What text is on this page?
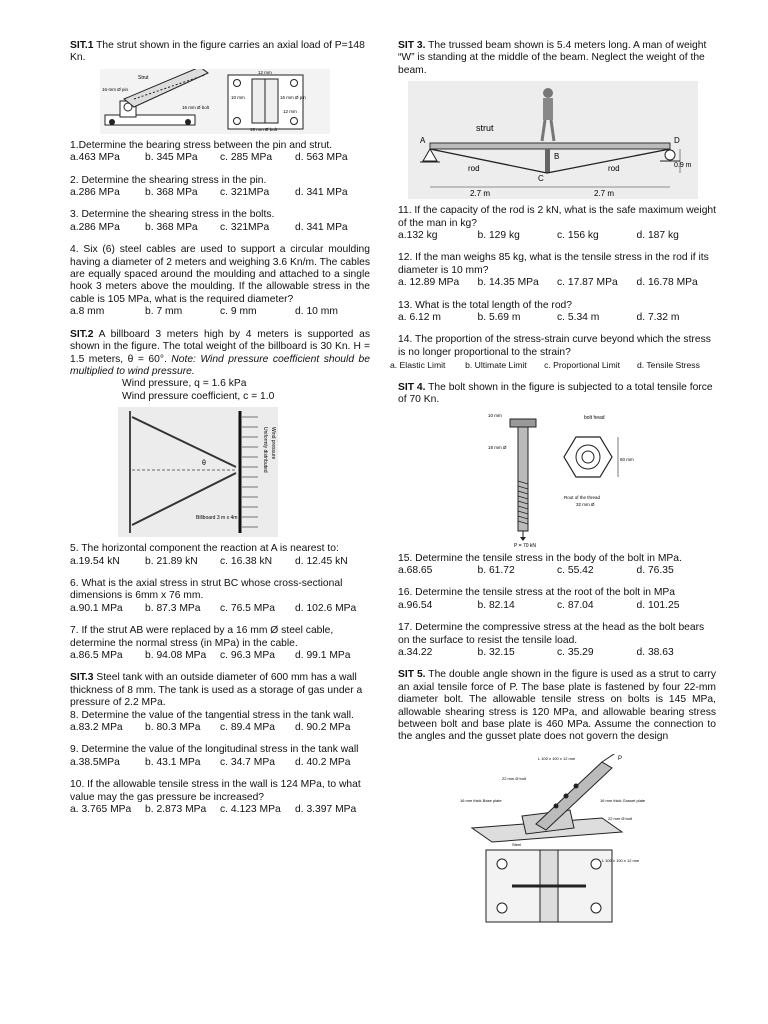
SIT.1 The strut shown in the figure carries an axial load of P=148 Kn.

Strut
16-mm Ø pin
12 mm
10 mm	16 mm Ø pin
12 mm
16 mm Ø bolt
16 mm Ø bolt

1.Determine the bearing stress between the pin and strut.

a.463 MPa	b. 345 MPa	c. 285 MPa	d. 563 MPa

2. Determine the shearing stress in the pin.

a.286 MPa	b. 368 MPa	c. 321MPa	d. 341 MPa

3. Determine the shearing stress in the bolts.

a.286 MPa	b. 368 MPa	c. 321MPa	d. 341 MPa

4. Six (6) steel cables are used to support a circular moulding having a diameter of 2 meters and weighing 3.6 Kn/m. The cables are equally spaced around the moulding and attached to a single hook 3 meters above the moulding. If the allowable stress in the cable is 105 MPa, what is the required diameter?

a.8 mm	b. 7 mm	c. 9 mm	d. 10 mm

SIT.2 A billboard 3 meters high by 4 meters is supported as shown in the figure. The total weight of the billboard is 30 Kn. H = 1.5 meters, θ = 60°. Note: Wind pressure coefficient should be multiplied to wind pressure.

Wind pressure, q = 1.6 kPa

Wind pressure coefficient, c = 1.0

θ
Billboard 3 m x 4m
Uniformly distributed Wind pressure

5. The horizontal component the reaction at A is nearest to:

a.19.54 kN	b. 21.89 kN	c. 16.38 kN	d. 12.45 kN

6. What is the axial stress in strut BC whose cross-sectional dimensions is 6mm x 76 mm.

a.90.1 MPa	b. 87.3 MPa	c. 76.5 MPa	d. 102.6 MPa

7. If the strut AB were replaced by a 16 mm Ø steel cable, determine the normal stress (in MPa) in the cable.

a.86.5 MPa	b. 94.08 MPa	c. 96.3 MPa	d. 99.1 MPa

SIT.3 Steel tank with an outside diameter of 600 mm has a wall thickness of 8 mm. The tank is used as a storage of gas under a pressure of 2.2 MPa.

8. Determine the value of the tangential stress in the tank wall.

a.83.2 MPa	b. 80.3 MPa	c. 89.4 MPa	d. 90.2 MPa

9. Determine the value of the longitudinal stress in the tank wall

a.38.5MPa	b. 43.1 MPa	c. 34.7 MPa	d. 40.2 MPa

10. If the allowable tensile stress in the wall is 124 MPa, to what value may the gas pressure be increased?

a. 3.765 MPa	b. 2.873 MPa	c. 4.123 MPa	d. 3.397 MPa

SIT 3. The trussed beam shown is 5.4 meters long. A man of weight “W” is standing at the middle of the beam. Neglect the weight of the beam.

strut
rod	rod
A
B
C
D
0.9 m
2.7 m	2.7 m

11. If the capacity of the rod is 2 kN, what is the safe maximum weight of the man in kg?

a.132 kg	b. 129 kg	c. 156 kg	d. 187 kg

12. If the man weighs 85 kg, what is the tensile stress in the rod if its diameter is 10 mm?

a. 12.89 MPa	b. 14.35 MPa	c. 17.87 MPa	d. 16.78 MPa

13. What is the total length of the rod?

a. 6.12 m	b. 5.69 m	c. 5.34 m	d. 7.32 m

14. The proportion of the stress-strain curve beyond which the stress is no longer proportional to the strain?

a. Elastic Limit	b. Ultimate Limit	c. Proportional Limit	d. Tensile Stress

SIT 4. The bolt shown in the figure is subjected to a total tensile force of 70 Kn.

10 mm
18 mm Ø
bolt head
60 mm
Root of the thread
32 mm Ø
P = 70 kN

15. Determine the tensile stress in the body of the bolt in MPa.

a.68.65	b. 61.72	c. 55.42	d. 76.35

16. Determine the tensile stress at the root of the bolt in MPa

a.96.54	b. 82.14	c. 87.04	d. 101.25

17. Determine the compressive stress at the head as the bolt bears on the surface to resist the tensile load.

a.34.22	b. 32.15	c. 35.29	d. 38.63

SIT 5. The double angle shown in the figure is used as a strut to carry an axial tensile force of P. The base plate is fastened by four 22-mm diameter bolt. The allowable tensile stress on bolts is 145 MPa, allowable shearing stress is 120 MPa, and allowable bearing stress between bolt and base plate is 460 MPa. Assume the connection to the angles and the gusset plate does not govern the design

L 100 x 100 x 12 mm
22 mm Ø bolt
16 mm thick Base plate	16 mm thick Gusset plate
22 mm Ø bolt
Steel
L 100 x 100 x 12 mm
P
